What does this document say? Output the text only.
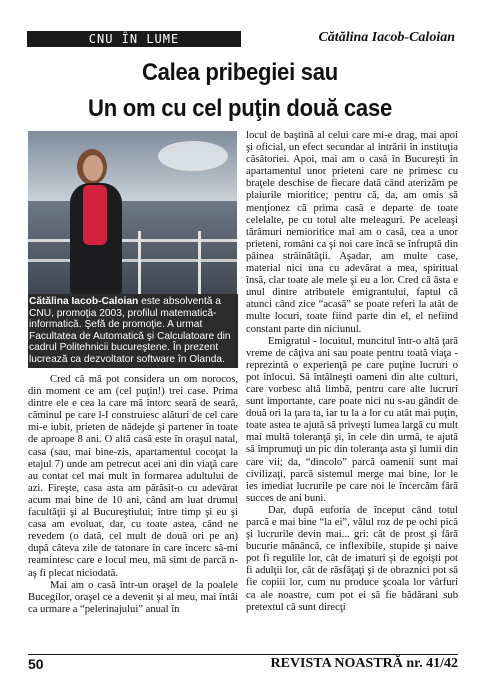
CNU ÎN LUME	Cătălina Iacob-Caloian
Calea pribegiei sau
Un om cu cel puţin două case

Cătălina Iacob-Caloian este absolventă a CNU, promoţia 2003, profilul matematică-informatică. Şefă de promoţie. A urmat Facultatea de Automatică şi Calculatoare din cadrul Politehnicii bucureştene. În prezent lucrează ca dezvoltator software în Olanda.

Cred că mă pot considera un om norocos, din moment ce am (cel puţin!) trei case. Prima dintre ele e cea la care mă întorc seară de seară, căminul pe care l-I construiesc alături de cel care mi-e iubit, prieten de nădejde şi partener în toate de aproape 8 ani. O altă casă este în oraşul natal, casa (sau, mai bine-zis, apartamentul cocoţat la etajul 7) unde am petrecut acei ani din viaţă care au contat cel mai mult în formarea adultului de azi. Fireşte, casa asta am părăsit-o cu adevărat acum mai bine de 10 ani, când am luat drumul facultăţii şi al Bucureştiului; între timp şi eu şi casa am evoluat, dar, cu toate astea, când ne revedem (o dată, cel mult de două ori pe an) după câteva zile de tatonare în care încerc să-mi reamintesc care e locul meu, mă simt de parcă n-aş fi plecat niciodată.

Mai am o casă într-un oraşel de la poalele Bucegilor, oraşel ce a devenit şi al meu, mai întâi ca urmare a “pelerinajului” anual în

locul de baştină al celui care mi-e drag, mai apoi şi oficial, un efect secundar al intrării în instituţia căsătoriei. Apoi, mai am o casă în Bucureşti în apartamentul unor prieteni care ne primesc cu braţele deschise de fiecare dată când aterizăm pe plaiurile mioritice; pentru că, da, am omis să menţionez că prima casă e departe de toate celelalte, pe cu totul alte meleaguri. Pe aceleaşi tărâmuri nemioritice mai am o casă, cea a unor prieteni, români ca şi noi care încă se înfruptă din pâinea străinătăţii. Aşadar, am multe case, material nici una cu adevărat a mea, spiritual însă, clar toate ale mele şi eu a lor. Cred că ăsta e unul dintre atributele emigrantului, faptul că atunci când zice “acasă” se poate referi la atât de multe locuri, toate fiind parte din el, el nefiind constant parte din niciunul.

Emigratul - locuitul, muncitul într-o altă ţară vreme de câţiva ani sau poate pentru toată viaţa - reprezintă o experienţă pe care puţine lucruri o pot înlocui. Să întâlneşti oameni din alte culturi, care vorbesc altă limbă, pentru care alte lucruri sunt importante, care poate nici nu s-au gândit de două ori la ţara ta, iar tu la a lor cu atât mai puţin, toate astea te ajută să priveşti lumea largă cu mult mai multă toleranţă şi, în cele din urmă, te ajută să împrumuţi un pic din toleranţa asta şi lumii din care vii; da, “dincolo” parcă oamenii sunt mai civilizaţi, parcă sistemul merge mai bine, lor le ies imediat lucrurile pe care noi le încercăm fără succes de ani buni.

Dar, după euforia de început când totul parcă e mai bine “la ei”, vălul roz de pe ochi pică şi lucrurile devin mai... gri: cât de prost şi fără bucurie mănâncă, ce inflexibile, stupide şi naive pot fi regulile lor, cât de imaturi şi de egoişti pot fi adulţii lor, cât de răsfăţaţi şi de obraznici pot să fie copiii lor, cum nu produce şcoala lor vârfuri ca ale noastre, cum pot ei să fie bădărani sub pretextul că sunt direcţi

50	REVISTA NOASTRĂ nr. 41/42
